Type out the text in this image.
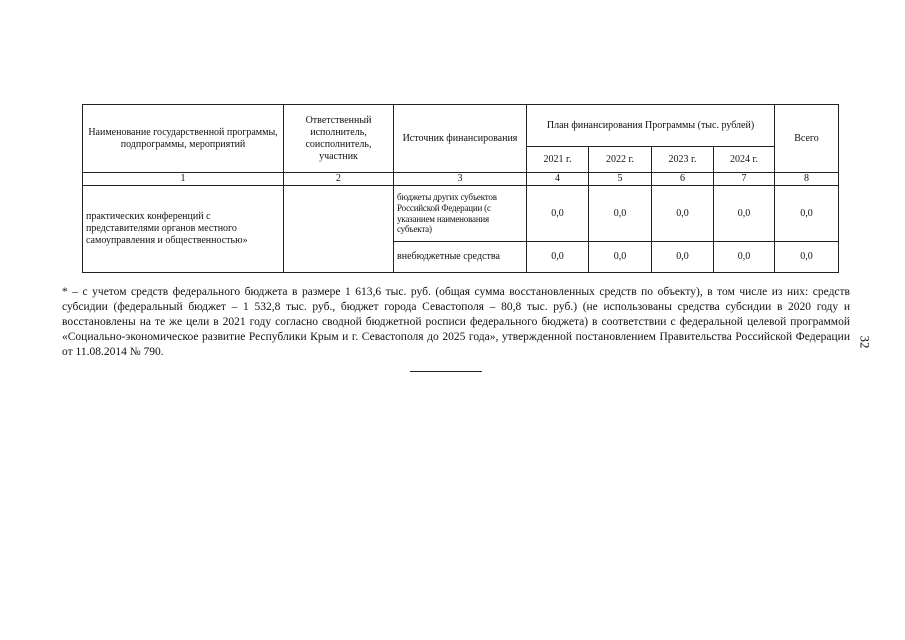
Наименование государственной программы, подпрограммы, мероприятий	Ответственный исполнитель, соисполнитель, участник	Источник финансирования	План финансирования Программы (тыс. рублей)				Всего
			2021 г.	2022 г.	2023 г.	2024 г.	
1	2	3	4	5	6	7	8
практических конференций с представителями органов местного самоуправления и общественностью»		бюджеты других субъектов Российской Федерации (с указанием наименования субъекта)	0,0	0,0	0,0	0,0	0,0
		внебюджетные средства	0,0	0,0	0,0	0,0	0,0

* – с учетом средств федерального бюджета в размере 1 613,6 тыс. руб. (общая сумма восстановленных средств по объекту), в том числе из них: средств субсидии (федеральный бюджет – 1 532,8 тыс. руб., бюджет города Севастополя – 80,8 тыс. руб.) (не использованы средства субсидии в 2020 году и восстановлены на те же цели в 2021 году согласно сводной бюджетной росписи федерального бюджета) в соответствии с федеральной целевой программой «Социально-экономическое развитие Республики Крым и г. Севастополя до 2025 года», утвержденной постановлением Правительства Российской Федерации от 11.08.2014 № 790.

32
